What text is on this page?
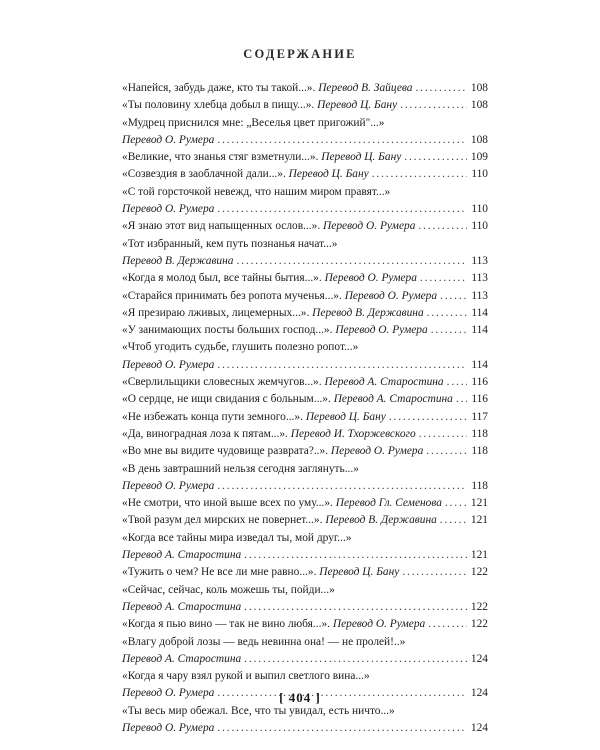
СОДЕРЖАНИЕ
«Напейся, забудь даже, кто ты такой...». Перевод В. Зайцева . . .	108
«Ты половину хлебца добыл в пищу...». Перевод Ц. Бану . . .	108
«Мудрец приснился мне: „Веселья цвет пригожий"...»
Перевод О. Румера . . .	108
«Великие, что знанья стяг взметнули...». Перевод Ц. Бану . . .	109
«Созвездия в заоблачной дали...». Перевод Ц. Бану . . .	110
«С той горсточкой невежд, что нашим миром правят...»
Перевод О. Румера . . .	110
«Я знаю этот вид напыщенных ослов...». Перевод О. Румера . . .	110
«Тот избранный, кем путь познанья начат...»
Перевод В. Державина . . .	113
«Когда я молод был, все тайны бытия...». Перевод О. Румера . . .	113
«Старайся принимать без ропота мученья...». Перевод О. Румера . . .	113
«Я презираю лживых, лицемерных...». Перевод В. Державина . . .	114
«У занимающих посты больших господ...». Перевод О. Румера . . .	114
«Чтоб угодить судьбе, глушить полезно ропот...»
Перевод О. Румера . . .	114
«Сверлильщики словесных жемчугов...». Перевод А. Старостина . . . 116
«О сердце, не ищи свидания с больным...». Перевод А. Старостина . . . 116
«Не избежать конца пути земного...». Перевод Ц. Бану . . .	117
«Да, виноградная лоза к пятам...». Перевод И. Тхоржевского . . .	118
«Во мне вы видите чудовище разврата?..». Перевод О. Румера . . .	118
«В день завтрашний нельзя сегодня заглянуть...»
Перевод О. Румера . . .	118
«Не смотри, что иной выше всех по уму...». Перевод Гл. Семенова . . .	121
«Твой разум дел мирских не повернет...». Перевод В. Державина . . .	121
«Когда все тайны мира изведал ты, мой друг...»
Перевод А. Старостина . . .	121
«Тужить о чем? Не все ли мне равно...». Перевод Ц. Бану . . .	122
«Сейчас, сейчас, коль можешь ты, пойди...»
Перевод А. Старостина . . .	122
«Когда я пью вино — так не вино любя...». Перевод О. Румера . . .	122
«Влагу доброй лозы — ведь невинна она! — не пролей!..»
Перевод А. Старостина . . .	124
«Когда я чару взял рукой и выпил светлого вина...»
Перевод О. Румера . . .	124
«Ты весь мир обежал. Все, что ты увидал, есть ничто...»
Перевод О. Румера . . .	124
[ 404 ]
